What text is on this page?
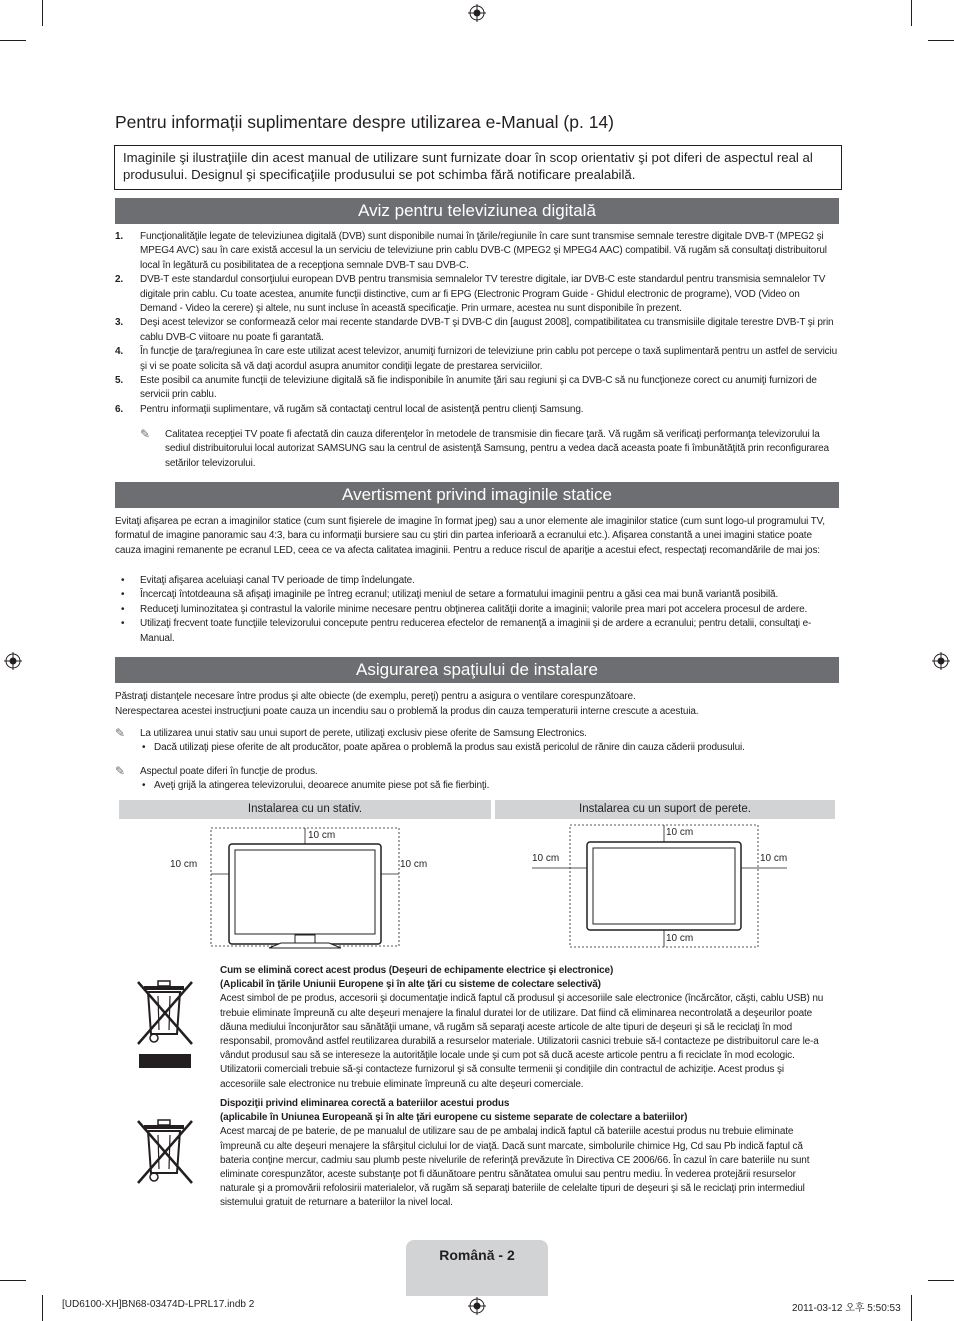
Pentru informații suplimentare despre utilizarea e-Manual (p. 14)
Imaginile şi ilustraţiile din acest manual de utilizare sunt furnizate doar în scop orientativ şi pot diferi de aspectul real al produsului. Designul şi specificaţiile produsului se pot schimba fără notificare prealabilă.
Aviz pentru televiziunea digitală
1. Funcţionalităţile legate de televiziunea digitală (DVB) sunt disponibile numai în ţările/regiunile în care sunt transmise semnale terestre digitale DVB-T (MPEG2 şi MPEG4 AVC) sau în care există accesul la un serviciu de televiziune prin cablu DVB-C (MPEG2 şi MPEG4 AAC) compatibil. Vă rugăm să consultaţi distribuitorul local în legătură cu posibilitatea de a recepţiona semnale DVB-T sau DVB-C.
2. DVB-T este standardul consorţiului european DVB pentru transmisia semnalelor TV terestre digitale, iar DVB-C este standardul pentru transmisia semnalelor TV digitale prin cablu. Cu toate acestea, anumite funcţii distinctive, cum ar fi EPG (Electronic Program Guide - Ghidul electronic de programe), VOD (Video on Demand - Video la cerere) şi altele, nu sunt incluse în această specificaţie. Prin urmare, acestea nu sunt disponibile în prezent.
3. Deşi acest televizor se conformează celor mai recente standarde DVB-T şi DVB-C din [august 2008], compatibilitatea cu transmisiile digitale terestre DVB-T şi prin cablu DVB-C viitoare nu poate fi garantată.
4. În funcţie de ţara/regiunea în care este utilizat acest televizor, anumiţi furnizori de televiziune prin cablu pot percepe o taxă suplimentară pentru un astfel de serviciu şi vi se poate solicita să vă daţi acordul asupra anumitor condiţii legate de prestarea serviciilor.
5. Este posibil ca anumite funcţii de televiziune digitală să fie indisponibile în anumite ţări sau regiuni şi ca DVB-C să nu funcţioneze corect cu anumiţi furnizori de servicii prin cablu.
6. Pentru informaţii suplimentare, vă rugăm să contactaţi centrul local de asistenţă pentru clienţi Samsung.
✎ Calitatea recepţiei TV poate fi afectată din cauza diferenţelor în metodele de transmisie din fiecare ţară. Vă rugăm să verificaţi performanţa televizorului la sediul distribuitorului local autorizat SAMSUNG sau la centrul de asistenţă Samsung, pentru a vedea dacă aceasta poate fi îmbunătăţită prin reconfigurarea setărilor televizorului.
Avertisment privind imaginile statice

Evitaţi afişarea pe ecran a imaginilor statice (cum sunt fişierele de imagine în format jpeg) sau a unor elemente ale imaginilor statice (cum sunt logo-ul programului TV, formatul de imagine panoramic sau 4:3, bara cu informaţii bursiere sau cu ştiri din partea inferioară a ecranului etc.). Afişarea constantă a unei imagini statice poate cauza imagini remanente pe ecranul LED, ceea ce va afecta calitatea imaginii. Pentru a reduce riscul de apariţie a acestui efect, respectaţi recomandările de mai jos:

• Evitaţi afişarea aceluiaşi canal TV perioade de timp îndelungate.
• Încercaţi întotdeauna să afişaţi imaginile pe întreg ecranul; utilizaţi meniul de setare a formatului imaginii pentru a găsi cea mai bună variantă posibilă.
• Reduceţi luminozitatea şi contrastul la valorile minime necesare pentru obţinerea calităţii dorite a imaginii; valorile prea mari pot accelera procesul de ardere.
• Utilizaţi frecvent toate funcţiile televizorului concepute pentru reducerea efectelor de remanenţă a imaginii şi de ardere a ecranului; pentru detalii, consultaţi e-Manual.
Asigurarea spaţiului de instalare

Păstraţi distanţele necesare între produs şi alte obiecte (de exemplu, pereţi) pentru a asigura o ventilare corespunzătoare.

Nerespectarea acestei instrucţiuni poate cauza un incendiu sau o problemă la produs din cauza temperaturii interne crescute a acestuia.

✎ La utilizarea unui stativ sau unui suport de perete, utilizaţi exclusiv piese oferite de Samsung Electronics.
• Dacă utilizaţi piese oferite de alt producător, poate apărea o problemă la produs sau există pericolul de rănire din cauza căderii produsului.
✎ Aspectul poate diferi în funcţie de produs.
• Aveţi grijă la atingerea televizorului, deoarece anumite piese pot să fie fierbinţi.
Instalarea cu un stativ.	Instalarea cu un suport de perete.
10 cm
10 cm	10 cm
10 cm
10 cm	10 cm
10 cm
Cum se elimină corect acest produs (Deşeuri de echipamente electrice şi electronice)
(Aplicabil în ţările Uniunii Europene şi în alte ţări cu sisteme de colectare selectivă)
Acest simbol de pe produs, accesorii şi documentaţie indică faptul că produsul şi accesoriile sale electronice (încărcător, căşti, cablu USB) nu trebuie eliminate împreună cu alte deşeuri menajere la finalul duratei lor de utilizare. Dat fiind că eliminarea necontrolată a deşeurilor poate dăuna mediului înconjurător sau sănătăţii umane, vă rugăm să separaţi aceste articole de alte tipuri de deşeuri şi să le reciclaţi în mod responsabil, promovând astfel reutilizarea durabilă a resurselor materiale. Utilizatorii casnici trebuie să-l contacteze pe distribuitorul care le-a vândut produsul sau să se intereseze la autorităţile locale unde şi cum pot să ducă aceste articole pentru a fi reciclate în mod ecologic. Utilizatorii comerciali trebuie să-şi contacteze furnizorul şi să consulte termenii şi condiţiile din contractul de achiziţie. Acest produs şi accesoriile sale electronice nu trebuie eliminate împreună cu alte deşeuri comerciale.
Dispoziţii privind eliminarea corectă a bateriilor acestui produs
(aplicabile în Uniunea Europeană şi în alte ţări europene cu sisteme separate de colectare a bateriilor)
Acest marcaj de pe baterie, de pe manualul de utilizare sau de pe ambalaj indică faptul că bateriile acestui produs nu trebuie eliminate împreună cu alte deşeuri menajere la sfârşitul ciclului lor de viaţă. Dacă sunt marcate, simbolurile chimice Hg, Cd sau Pb indică faptul că bateria conţine mercur, cadmiu sau plumb peste nivelurile de referinţă prevăzute în Directiva CE 2006/66. În cazul în care bateriile nu sunt eliminate corespunzător, aceste substanţe pot fi dăunătoare pentru sănătatea omului sau pentru mediu. În vederea protejării resurselor naturale şi a promovării refolosirii materialelor, vă rugăm să separaţi bateriile de celelalte tipuri de deşeuri şi să le reciclaţi prin intermediul sistemului gratuit de returnare a bateriilor la nivel local.
Română - 2
[UD6100-XH]BN68-03474D-LPRL17.indb 2	2011-03-12 오후 5:50:53
